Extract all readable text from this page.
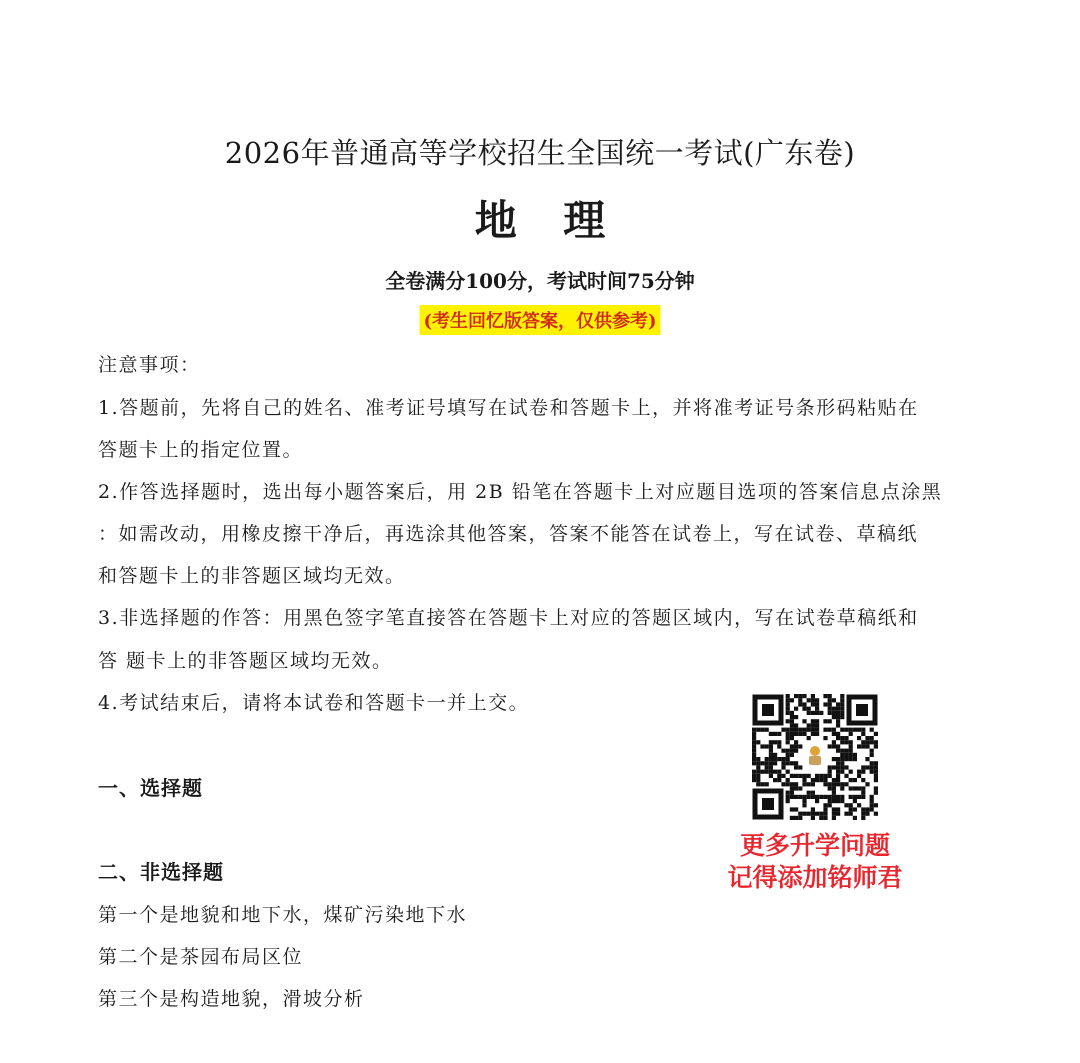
2026年普通高等学校招生全国统一考试(广东卷)
地 理
全卷满分100分，考试时间75分钟
(考生回忆版答案，仅供参考)
注意事项：
1.答题前，先将自己的姓名、准考证号填写在试卷和答题卡上，并将准考证号条形码粘贴在
答题卡上的指定位置。
2.作答选择题时，选出每小题答案后，用 2B 铅笔在答题卡上对应题目选项的答案信息点涂黑
：如需改动，用橡皮擦干净后，再选涂其他答案，答案不能答在试卷上，写在试卷、草稿纸
和答题卡上的非答题区域均无效。
3.非选择题的作答：用黑色签字笔直接答在答题卡上对应的答题区域内，写在试卷草稿纸和
答 题卡上的非答题区域均无效。
4.考试结束后，请将本试卷和答题卡一并上交。
一、选择题
二、非选择题
第一个是地貌和地下水，煤矿污染地下水
第二个是茶园布局区位
第三个是构造地貌，滑坡分析
更多升学问题
记得添加铭师君
